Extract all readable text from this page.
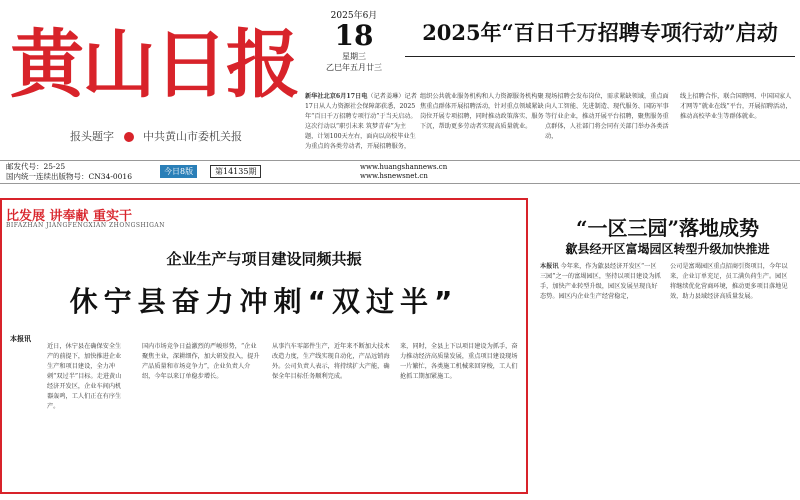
黄山日报
报头题字	中共黄山市委机关报
2025年6月
18
星期三
乙巳年五月廿三
2025年“百日千万招聘专项行动”启动
新华社北京6月17日电（记者姜琳）记者17日从人力资源社会保障部获悉，2025年“百日千万招聘专项行动”于当天启动。这次行动以“职引未来 筑梦青春”为主题，计划100天左右，面向以高校毕业生为重点的各类劳动者，开展招聘服务，
组织公共就业服务机构和人力资源服务机构聚焦重点群体开展招聘活动，针对重点领域紧缺岗位开展专项招聘，同时推动政策落实、服务下沉，帮助更多劳动者实现高质量就业。
现场招聘会发布岗位，需求紧缺领域，重点面向人工智能、先进制造、现代服务、国防军事等行业企业，推动开展平台招聘，聚焦服务重点群体，人社部门将会同有关部门举办各类活动，
线上招聘合作，联合国聘网、中国国家人才网等“就业在线”平台，开展招聘活动，推动高校毕业生等群体就业。
邮发代号：25-25
国内统一连续出版物号：CN34-0016
今日8版	第14135期	www.huangshannews.cn
www.hsnewsnet.cn
比发展 讲奉献 重实干
BIFAZHAN JIANGFENGXIAN ZHONGSHIGAN
企业生产与项目建设同频共振
休宁县奋力冲刺“双过半”
本报讯
近日，休宁县在确保安全生产的前提下，加快推进企业生产和项目建设，全力冲刺“双过半”目标。走进黄山经济开发区，企业车间内机器轰鸣，工人们正在有序生产。
国内市场竞争日益激烈的严峻形势，“企业聚焦主业，深耕细作，加大研发投入，提升产品质量和市场竞争力”，企业负责人介绍，今年以来订单稳步增长。
从事汽车零部件生产，近年来不断加大技术改造力度，生产线实现自动化，产品远销海外。公司负责人表示，将持续扩大产能，确保全年目标任务顺利完成。
来，同时，全县上下以项目建设为抓手，奋力推动经济高质量发展，重点项目建设现场一片繁忙，各类施工机械来回穿梭，工人们抢抓工期加紧施工。
“一区三园”落地成势
歙县经开区富堨园区转型升级加快推进
本报讯 今年来，作为歙县经济开发区“一区三园”之一的富堨园区，坚持以项目建设为抓手，加快产业转型升级，园区发展呈现良好态势。园区内企业生产经营稳定，
公司是富堨园区重点招商引资项目，今年以来，企业订单充足，员工满负荷生产。园区将继续优化营商环境，推动更多项目落地见效，助力县域经济高质量发展。
